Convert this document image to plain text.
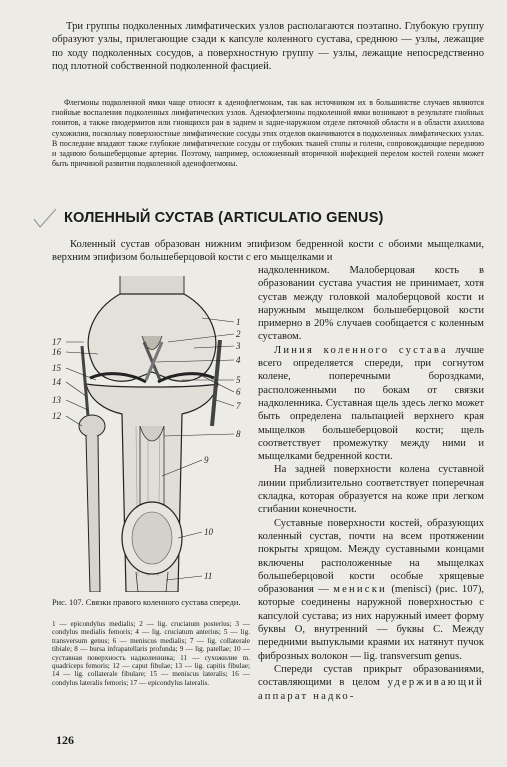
Три группы подколенных лимфатических узлов располагаются поэтапно. Глубокую группу образуют узлы, прилегающие сзади к капсуле коленного сустава, среднюю — узлы, лежащие по ходу подколенных сосудов, а поверхностную группу — узлы, лежащие непосредственно под плотной собственной подколенной фасцией.

Флегмоны подколенной ямки чаще относят к аденофлегмонам, так как источником их в большинстве случаев являются гнойные воспаления подколенных лимфатических узлов. Аденофлегмоны подколенной ямки возникают в результате гнойных гонитов, а также пиодермитов или гноящихся ран в заднем и задне-наружном отделе пяточной области и в области ахиллова сухожилия, поскольку поверхностные лимфатические сосуды этих отделов оканчиваются в подколенных лимфатических узлах. В последние впадают также глубокие лимфатические сосуды от глубоких тканей стопы и голени, сопровождающие переднюю и заднюю большеберцовые артерии. Поэтому, например, осложненный вторичной инфекцией перелом костей голени может быть причиной развития подколенной аденофлегмоны.

КОЛЕННЫЙ СУСТАВ (ARTICULATIO GENUS)

Коленный сустав образован нижним эпифизом бедренной кости с обоими мыщелками, верхним эпифизом большеберцовой кости с его мыщелками и

1
2
3
4
5
6
7
8
9
10
11
17
16
15
14
13
12

надколенником. Малоберцовая кость в образовании сустава участия не принимает, хотя сустав между головкой малоберцовой кости и наружным мыщелком большеберцовой кости примерно в 20% случаев сообщается с коленным суставом.

Линия коленного сустава лучше всего определяется спереди, при согнутом колене, поперечными бороздками, расположенными по бокам от связки надколенника. Суставная щель здесь легко может быть определена пальпацией верхнего края мыщелков большеберцовой кости; щель соответствует промежутку между ними и мыщелками бедренной кости.

На задней поверхности колена суставной линии приблизительно соответствует поперечная складка, которая образуется на коже при легком сгибании конечности.

Суставные поверхности костей, образующих коленный сустав, почти на всем протяжении покрыты хрящом. Между суставными концами включены расположенные на мыщелках большеберцовой кости особые хрящевые образования — мениски (menisci) (рис. 107), которые соединены наружной поверхностью с капсулой сустава; из них наружный имеет форму буквы О, внутренний — буквы С. Между передними выпуклыми краями их натянут пучок фиброзных волокон — lig. transversum genus.

Спереди сустав прикрыт образованиями, составляющими в целом удерживающий аппарат надко-

Рис. 107. Связки правого коленного сустава спереди.

1 — epicondylus medialis; 2 — lig. cruciatum posterius; 3 — condylus medialis femoris; 4 — lig. cruciatum anterius; 5 — lig. transversum genus; 6 — meniscus medialis; 7 — lig. collaterale tibiale; 8 — bursa infrapatellaris profunda; 9 — lig. patellae; 10 — суставная поверхность надколенника; 11 — сухожилие m. quadriceps femoris; 12 — caput fibulae; 13 — lig. capitis fibulae; 14 — lig. collaterale fibulare; 15 — meniscus lateralis; 16 — condylus lateralis femoris; 17 — epicondylus lateralis.

126
